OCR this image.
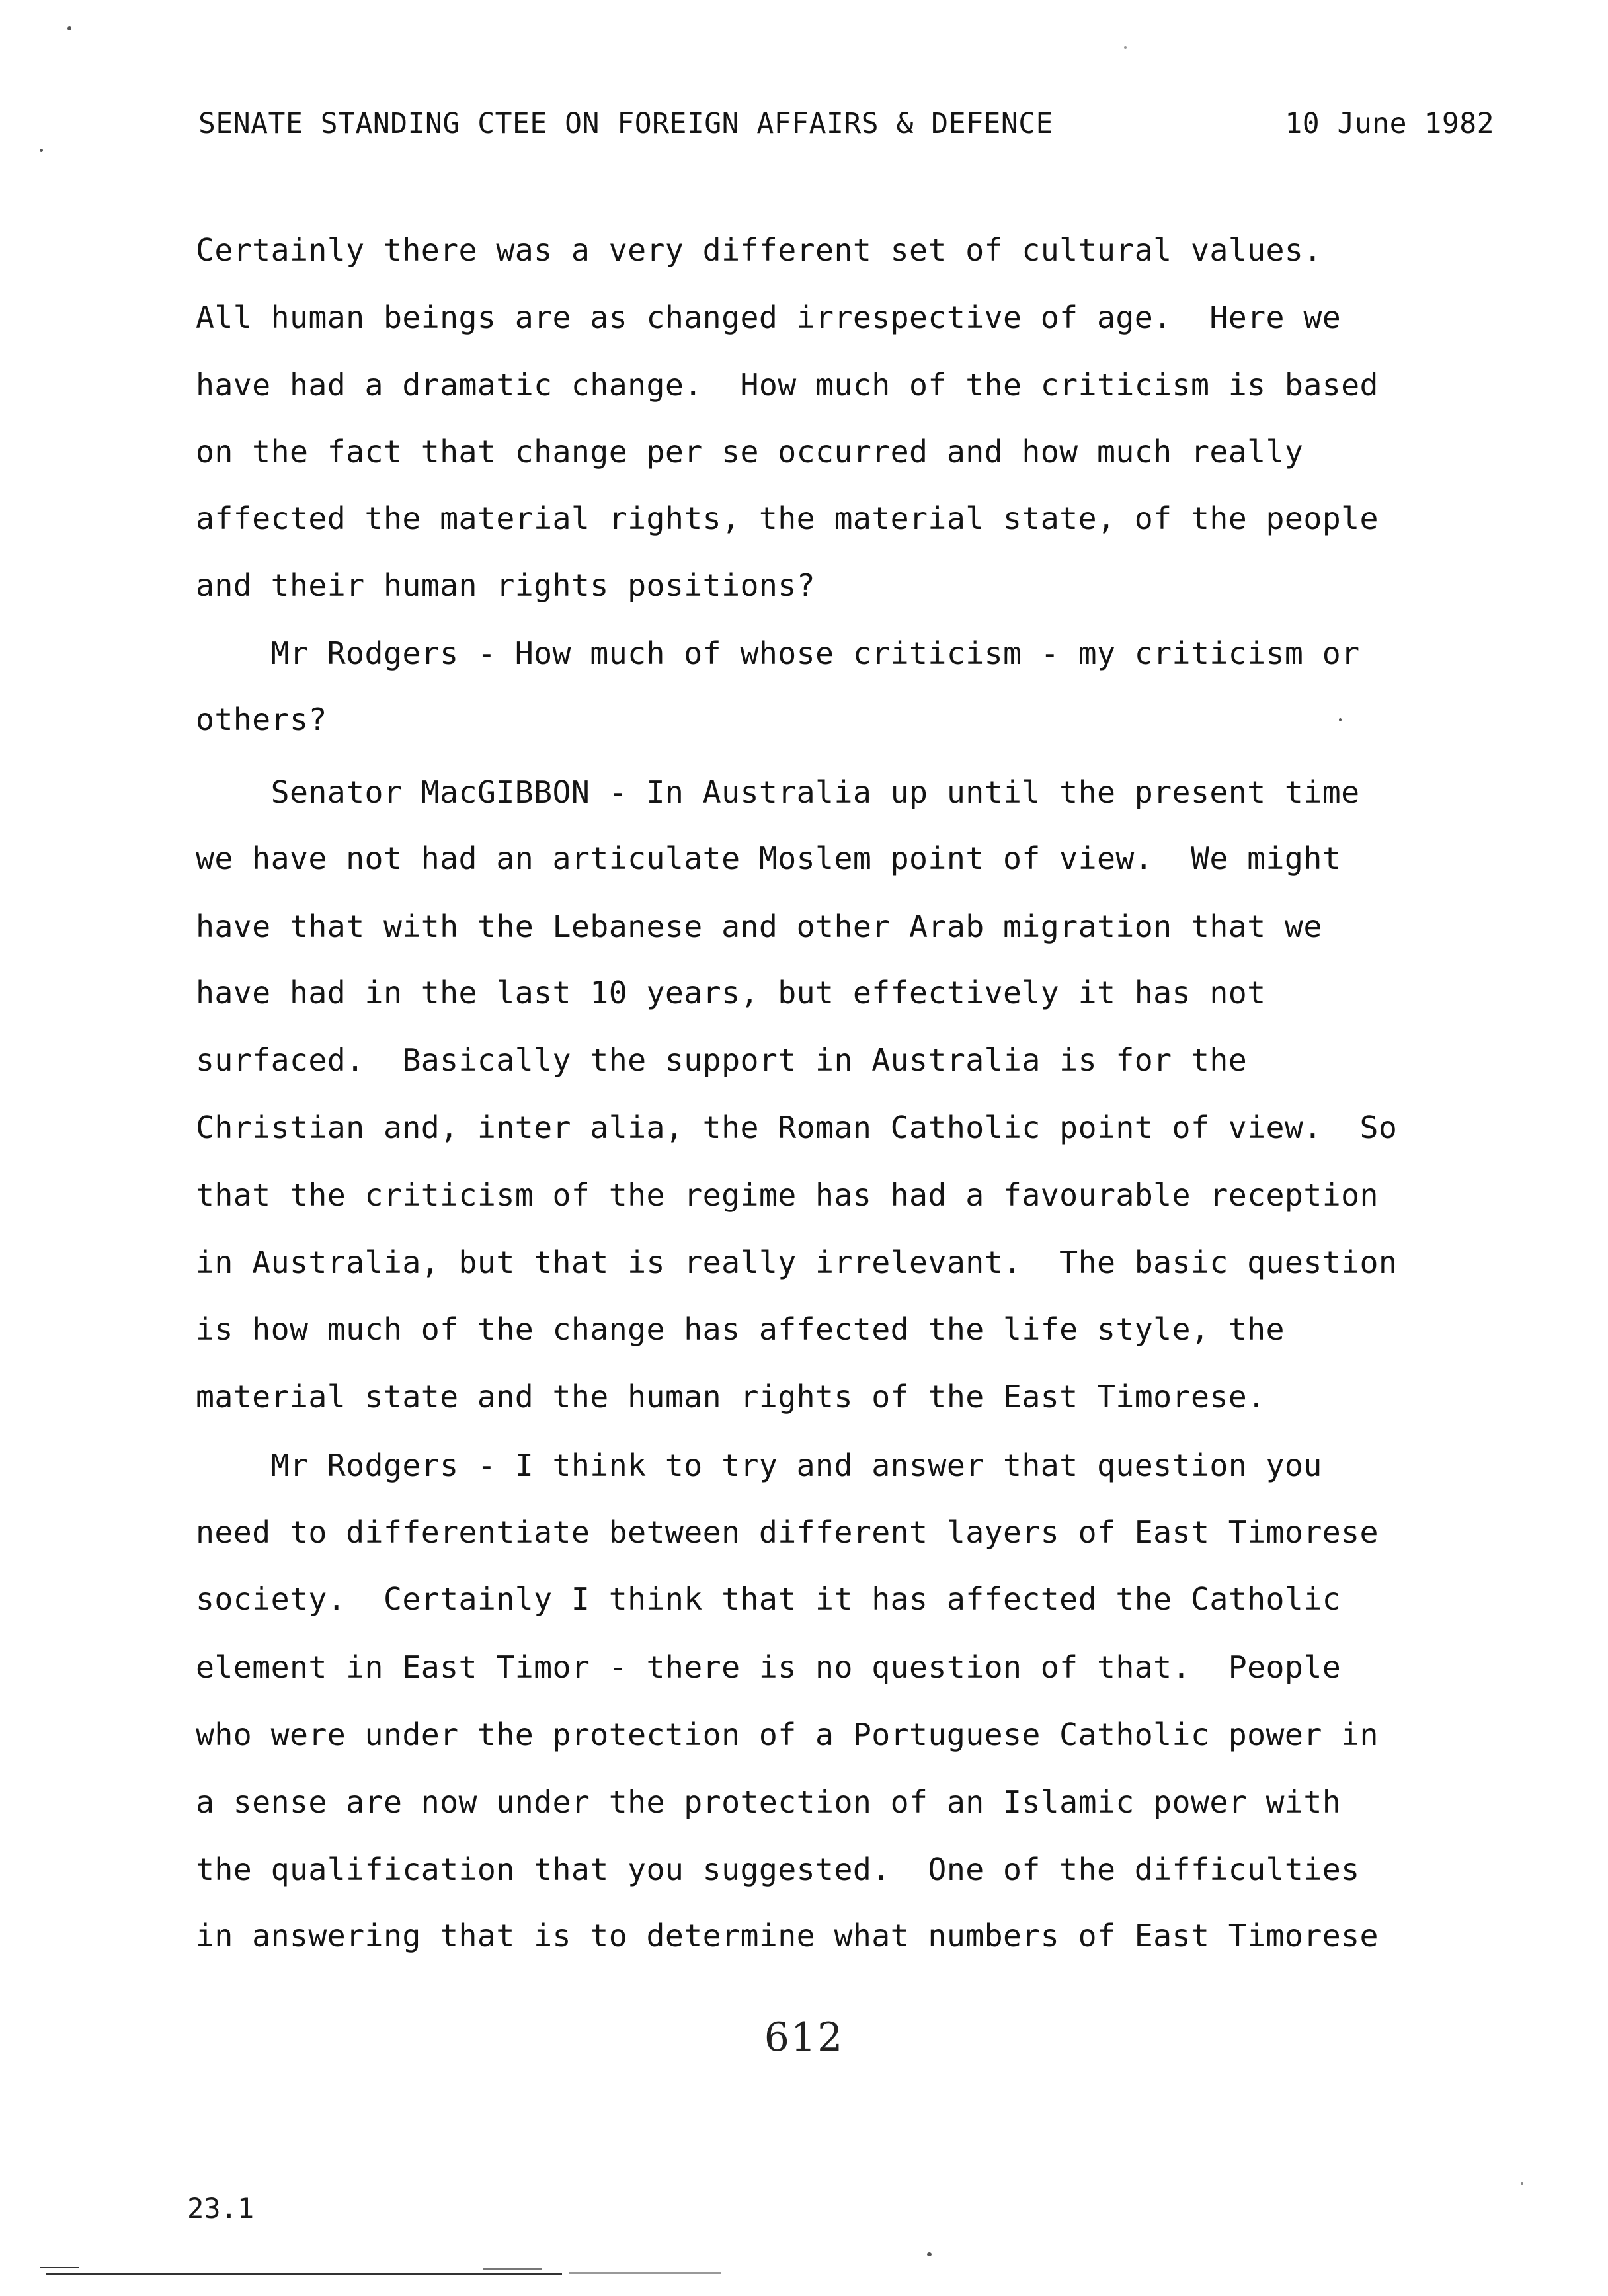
SENATE STANDING CTEE ON FOREIGN AFFAIRS & DEFENCE	10 June 1982
Certainly there was a very different set of cultural values.
All human beings are as changed irrespective of age.  Here we
have had a dramatic change.  How much of the criticism is based
on the fact that change per se occurred and how much really
affected the material rights, the material state, of the people
and their human rights positions?
Mr Rodgers - How much of whose criticism - my criticism or
others?
Senator MacGIBBON - In Australia up until the present time
we have not had an articulate Moslem point of view.  We might
have that with the Lebanese and other Arab migration that we
have had in the last 10 years, but effectively it has not
surfaced.  Basically the support in Australia is for the
Christian and, inter alia, the Roman Catholic point of view.  So
that the criticism of the regime has had a favourable reception
in Australia, but that is really irrelevant.  The basic question
is how much of the change has affected the life style, the
material state and the human rights of the East Timorese.
Mr Rodgers - I think to try and answer that question you
need to differentiate between different layers of East Timorese
society.  Certainly I think that it has affected the Catholic
element in East Timor - there is no question of that.  People
who were under the protection of a Portuguese Catholic power in
a sense are now under the protection of an Islamic power with
the qualification that you suggested.  One of the difficulties
in answering that is to determine what numbers of East Timorese
612
23.1
